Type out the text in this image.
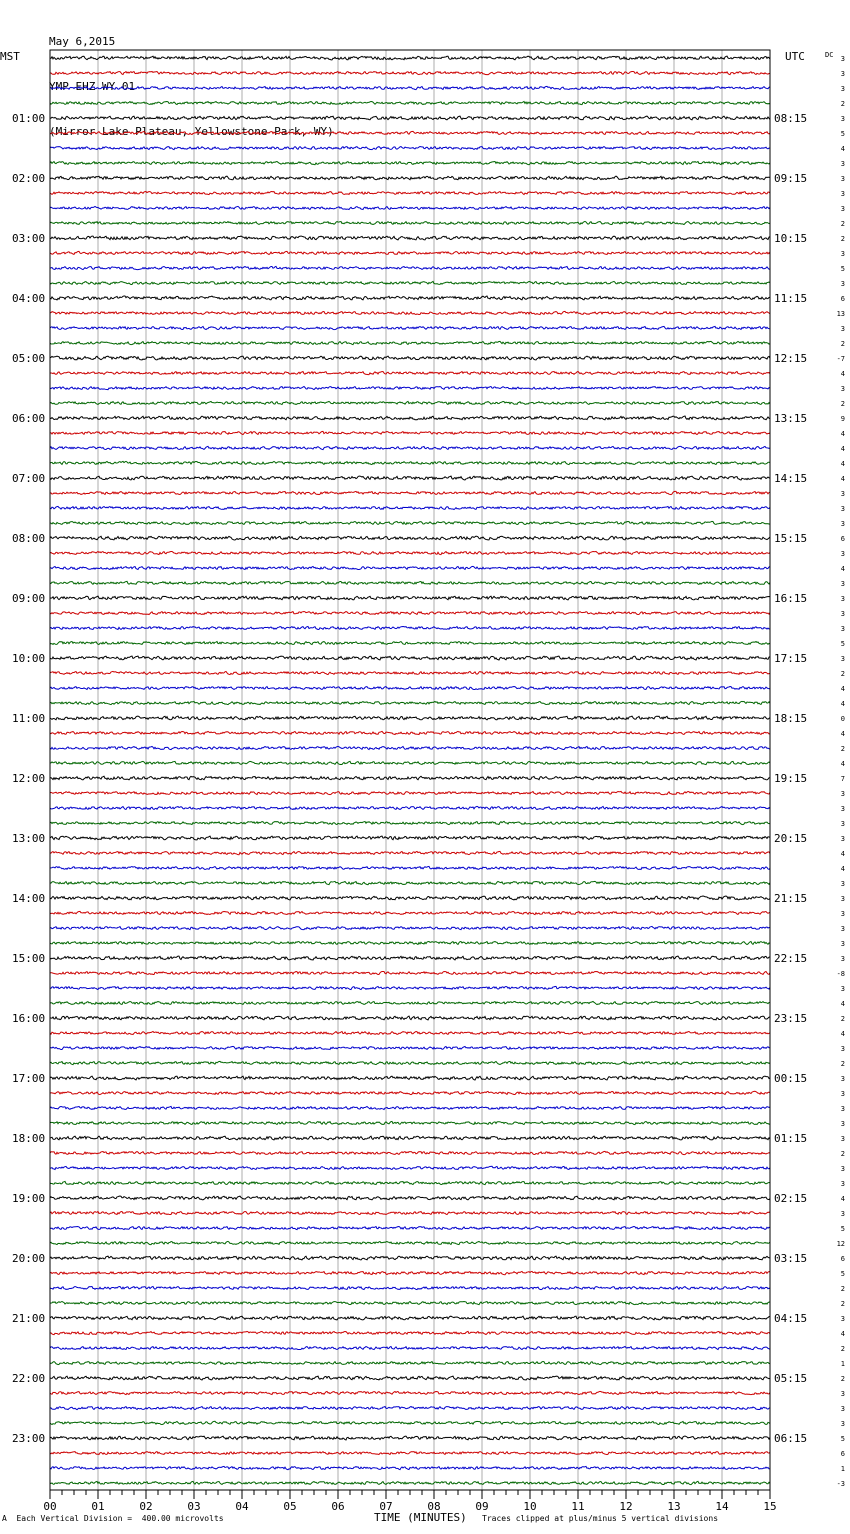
May 6,2015

YMP EHZ WY 01

(Mirror Lake Plateau, Yellowstone Park, WY)

01:00
02:00
03:00
04:00
05:00
06:00
07:00
08:00
09:00
10:00
11:00
12:00
13:00
14:00
15:00
16:00
17:00
18:00
19:00
20:00
21:00
22:00
23:00
08:15
09:15
10:15
11:15
12:15
13:15
14:15
15:15
16:15
17:15
18:15
19:15
20:15
21:15
22:15
23:15
00:15
01:15
02:15
03:15
04:15
05:15
06:15
3
3
3
2
3
5
4
3
3
3
3
2
2
3
5
3
6
13
3
2
-7
4
3
2
9
4
4
4
4
3
3
3
6
3
4
3
3
3
3
5
3
2
4
4
0
4
2
4
7
3
3
3
3
4
4
3
3
3
3
3
3
-8
3
4
2
4
3
2
3
3
3
3
3
2
3
3
4
3
5
12
6
5
2
2
3
4
2
1
2
3
3
3
5
6
1
-3
00	01	02	03	04	05	06	07	08	09	10	11	12	13	14	15
MST	UTC	DC
A Each Vertical Division =  400.00 microvolts	TIME (MINUTES) Traces clipped at plus/minus 5 vertical divisions
